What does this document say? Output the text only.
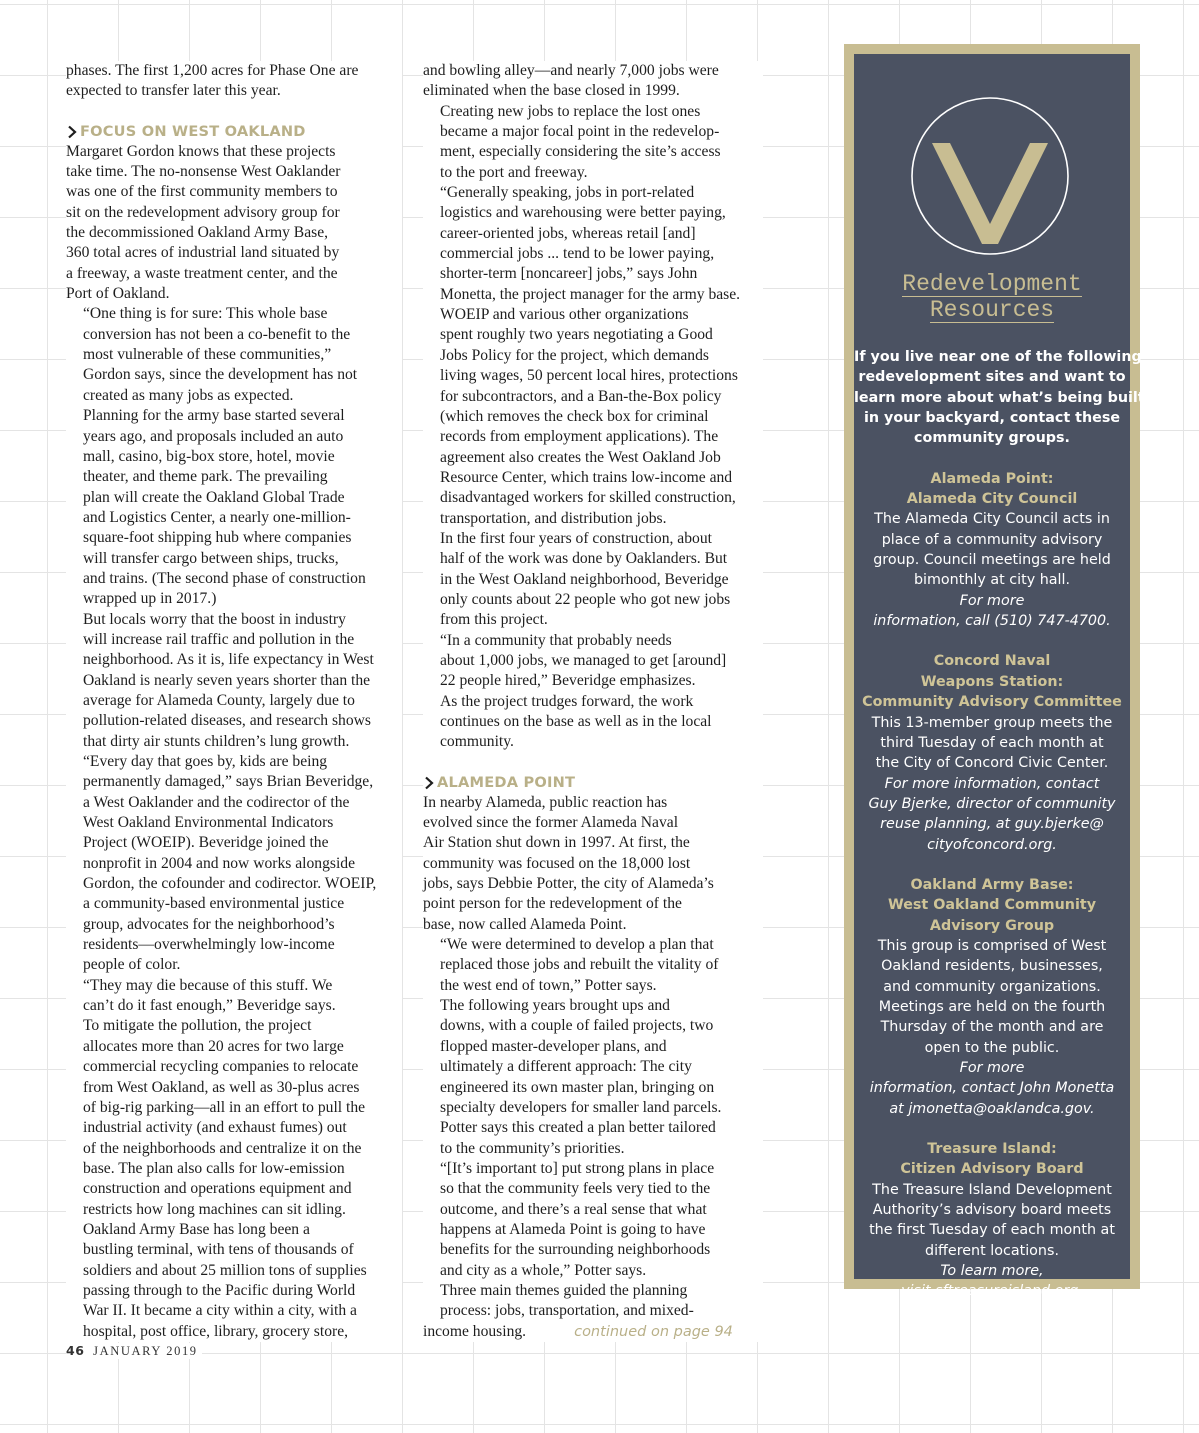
phases. The first 1,200 acres for Phase One are
expected to transfer later this year.
FOCUS ON WEST OAKLAND

Margaret Gordon knows that these projects
take time. The no-nonsense West Oaklander
was one of the first community members to
sit on the redevelopment advisory group for
the decommissioned Oakland Army Base,
360 total acres of industrial land situated by
a freeway, a waste treatment center, and the
Port of Oakland.

“One thing is for sure: This whole base
conversion has not been a co-benefit to the
most vulnerable of these communities,”
Gordon says, since the development has not
created as many jobs as expected.

Planning for the army base started several
years ago, and proposals included an auto
mall, casino, big-box store, hotel, movie
theater, and theme park. The prevailing
plan will create the Oakland Global Trade
and Logistics Center, a nearly one-million-
square-foot shipping hub where companies
will transfer cargo between ships, trucks,
and trains. (The second phase of construction
wrapped up in 2017.)

But locals worry that the boost in industry
will increase rail traffic and pollution in the
neighborhood. As it is, life expectancy in West
Oakland is nearly seven years shorter than the
average for Alameda County, largely due to
pollution-related diseases, and research shows
that dirty air stunts children’s lung growth.

“Every day that goes by, kids are being
permanently damaged,” says Brian Beveridge,
a West Oaklander and the codirector of the
West Oakland Environmental Indicators
Project (WOEIP). Beveridge joined the
nonprofit in 2004 and now works alongside
Gordon, the cofounder and codirector. WOEIP,
a community-based environmental justice
group, advocates for the neighborhood’s
residents—overwhelmingly low-income
people of color.

“They may die because of this stuff. We
can’t do it fast enough,” Beveridge says.

To mitigate the pollution, the project
allocates more than 20 acres for two large
commercial recycling companies to relocate
from West Oakland, as well as 30-plus acres
of big-rig parking—all in an effort to pull the
industrial activity (and exhaust fumes) out
of the neighborhoods and centralize it on the
base. The plan also calls for low-emission
construction and operations equipment and
restricts how long machines can sit idling.

Oakland Army Base has long been a
bustling terminal, with tens of thousands of
soldiers and about 25 million tons of supplies
passing through to the Pacific during World
War II. It became a city within a city, with a
hospital, post office, library, grocery store,

and bowling alley—and nearly 7,000 jobs were
eliminated when the base closed in 1999.

Creating new jobs to replace the lost ones
became a major focal point in the redevelop-
ment, especially considering the site’s access
to the port and freeway.

“Generally speaking, jobs in port-related
logistics and warehousing were better paying,
career-oriented jobs, whereas retail [and]
commercial jobs ... tend to be lower paying,
shorter-term [noncareer] jobs,” says John
Monetta, the project manager for the army base.

WOEIP and various other organizations
spent roughly two years negotiating a Good
Jobs Policy for the project, which demands
living wages, 50 percent local hires, protections
for subcontractors, and a Ban-the-Box policy
(which removes the check box for criminal
records from employment applications). The
agreement also creates the West Oakland Job
Resource Center, which trains low-income and
disadvantaged workers for skilled construction,
transportation, and distribution jobs.

In the first four years of construction, about
half of the work was done by Oaklanders. But
in the West Oakland neighborhood, Beveridge
only counts about 22 people who got new jobs
from this project.

“In a community that probably needs
about 1,000 jobs, we managed to get [around]
22 people hired,” Beveridge emphasizes.

As the project trudges forward, the work
continues on the base as well as in the local
community.

ALAMEDA POINT

In nearby Alameda, public reaction has
evolved since the former Alameda Naval
Air Station shut down in 1997. At first, the
community was focused on the 18,000 lost
jobs, says Debbie Potter, the city of Alameda’s
point person for the redevelopment of the
base, now called Alameda Point.

“We were determined to develop a plan that
replaced those jobs and rebuilt the vitality of
the west end of town,” Potter says.

The following years brought ups and
downs, with a couple of failed projects, two
flopped master-developer plans, and
ultimately a different approach: The city
engineered its own master plan, bringing on
specialty developers for smaller land parcels.
Potter says this created a plan better tailored
to the community’s priorities.

“[It’s important to] put strong plans in place
so that the community feels very tied to the
outcome, and there’s a real sense that what
happens at Alameda Point is going to have
benefits for the surrounding neighborhoods
and city as a whole,” Potter says.

Three main themes guided the planning
process: jobs, transportation, and mixed-

income housing.	continued on page 94

46 JANUARY 2019
Redevelopment
Resources
If you live near one of the following
redevelopment sites and want to
learn more about what’s being built
in your backyard, contact these
community groups.
Alameda Point:
Alameda City Council
The Alameda City Council acts in
place of a community advisory
group. Council meetings are held
bimonthly at city hall.
For more
information, call (510) 747-4700.
Concord Naval
Weapons Station:
Community Advisory Committee
This 13-member group meets the
third Tuesday of each month at
the City of Concord Civic Center.
For more information, contact
Guy Bjerke, director of community
reuse planning, at guy.bjerke@
cityofconcord.org.
Oakland Army Base:
West Oakland Community
Advisory Group
This group is comprised of West
Oakland residents, businesses,
and community organizations.
Meetings are held on the fourth
Thursday of the month and are
open to the public.
For more
information, contact John Monetta
at jmonetta@oaklandca.gov.
Treasure Island:
Citizen Advisory Board
The Treasure Island Development
Authority’s advisory board meets
the first Tuesday of each month at
different locations.
To learn more,
visit sftreasureisland.org.
